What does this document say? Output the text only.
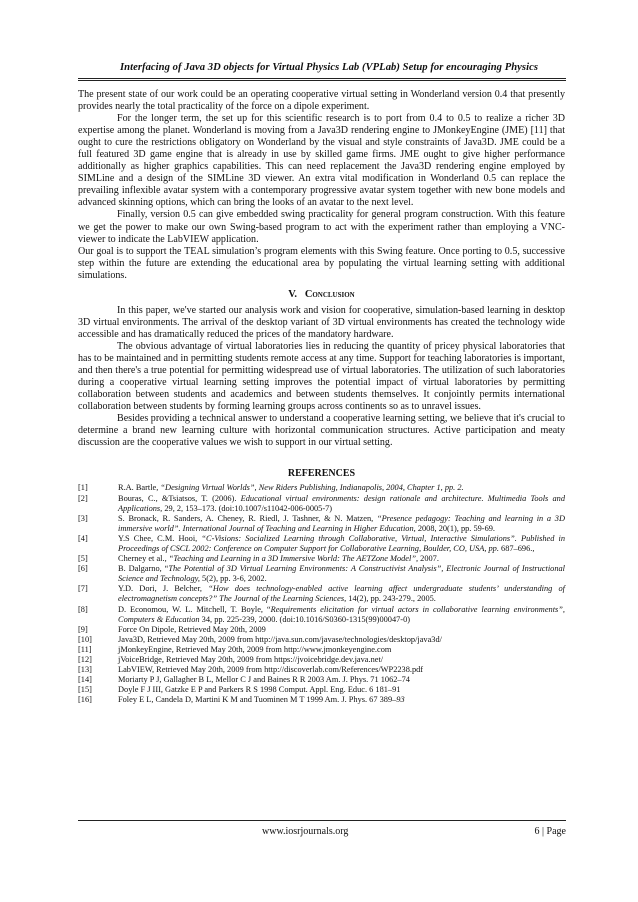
Interfacing of Java 3D objects for Virtual Physics Lab (VPLab) Setup for encouraging Physics

The present state of our work could be an operating cooperative virtual setting in Wonderland version 0.4 that presently provides nearly the total practicality of the force on a dipole experiment.

For the longer term, the set up for this scientific research is to port from 0.4 to 0.5 to realize a richer 3D expertise among the planet. Wonderland is moving from a Java3D rendering engine to JMonkeyEngine (JME) [11] that ought to cure the restrictions obligatory on Wonderland by the visual and style constraints of Java3D. JME could be a full featured 3D game engine that is already in use by skilled game firms. JME ought to give higher performance additionally as higher graphics capabilities. This can need replacement the Java3D rendering engine employed by SIMLine and a design of the SIMLine 3D viewer. An extra vital modification in Wonderland 0.5 can replace the prevailing inflexible avatar system with a contemporary progressive avatar system together with new bone models and advanced skinning options, which can bring the looks of an avatar to the next level.

Finally, version 0.5 can give embedded swing practicality for general program construction. With this feature we get the power to make our own Swing-based program to act with the experiment rather than employing a VNC-viewer to indicate the LabVIEW application.

Our goal is to support the TEAL simulation’s program elements with this Swing feature. Once porting to 0.5, successive step within the future are extending the educational area by populating the virtual learning setting with additional simulations.

V. Conclusion

In this paper, we've started our analysis work and vision for cooperative, simulation-based learning in desktop 3D virtual environments. The arrival of the desktop variant of 3D virtual environments has created the technology wide accessible and has dramatically reduced the prices of the mandatory hardware.

The obvious advantage of virtual laboratories lies in reducing the quantity of pricey physical laboratories that has to be maintained and in permitting students remote access at any time. Support for teaching laboratories is important, and then there's a true potential for permitting widespread use of virtual laboratories. The utilization of such laboratories during a cooperative virtual learning setting improves the potential impact of virtual laboratories by permitting collaboration between students and academics and between students themselves. It conjointly permits international collaboration between students by forming learning groups across continents so as to unravel issues.

Besides providing a technical answer to understand a cooperative learning setting, we believe that it's crucial to determine a brand new learning culture with horizontal communication structures. Active participation and meaty discussion are the cooperative values we wish to support in our virtual setting.

REFERENCES
[1]	R.A. Bartle, “Designing Virtual Worlds”, New Riders Publishing, Indianapolis, 2004, Chapter 1, pp. 2.
[2]	Bouras, C., &Tsiatsos, T. (2006). Educational virtual environments: design rationale and architecture. Multimedia Tools and Applications, 29, 2, 153–173. (doi:10.1007/s11042-006-0005-7)
[3]	S. Bronack, R. Sanders, A. Cheney, R. Riedl, J. Tashner, & N. Matzen, “Presence pedagogy: Teaching and learning in a 3D immersive world”. International Journal of Teaching and Learning in Higher Education, 2008, 20(1), pp. 59-69.
[4]	Y.S Chee, C.M. Hooi, “C-Visions: Socialized Learning through Collaborative, Virtual, Interactive Simulations”. Published in Proceedings of CSCL 2002: Conference on Computer Support for Collaborative Learning, Boulder, CO, USA, pp. 687–696.,
[5]	Cherney et al., “Teaching and Learning in a 3D Immersive World: The AETZone Model”, 2007.
[6]	B. Dalgarno, “The Potential of 3D Virtual Learning Environments: A Constructivist Analysis”, Electronic Journal of Instructional Science and Technology, 5(2), pp. 3-6, 2002.
[7]	Y.D. Dori, J. Belcher, “How does technology-enabled active learning affect undergraduate students’ understanding of electromagnetism concepts?” The Journal of the Learning Sciences, 14(2), pp. 243-279., 2005.
[8]	D. Economou, W. L. Mitchell, T. Boyle, “Requirements elicitation for virtual actors in collaborative learning environments”, Computers & Education 34, pp. 225-239, 2000. (doi:10.1016/S0360-1315(99)00047-0)
[9]	Force On Dipole, Retrieved May 20th, 2009
[10]	Java3D, Retrieved May 20th, 2009 from http://java.sun.com/javase/technologies/desktop/java3d/
[11]	jMonkeyEngine, Retrieved May 20th, 2009 from http://www.jmonkeyengine.com
[12]	jVoiceBridge, Retrieved May 20th, 2009 from https://jvoicebridge.dev.java.net/
[13]	LabVIEW, Retrieved May 20th, 2009 from http://discoverlab.com/References/WP2238.pdf
[14]	Moriarty P J, Gallagher B L, Mellor C J and Baines R R 2003 Am. J. Phys. 71 1062–74
[15]	Doyle F J III, Gatzke E P and Parkers R S 1998 Comput. Appl. Eng. Educ. 6 181–91
[16]	Foley E L, Candela D, Martini K M and Tuominen M T 1999 Am. J. Phys. 67 389–93
www.iosrjournals.org	6 | Page
